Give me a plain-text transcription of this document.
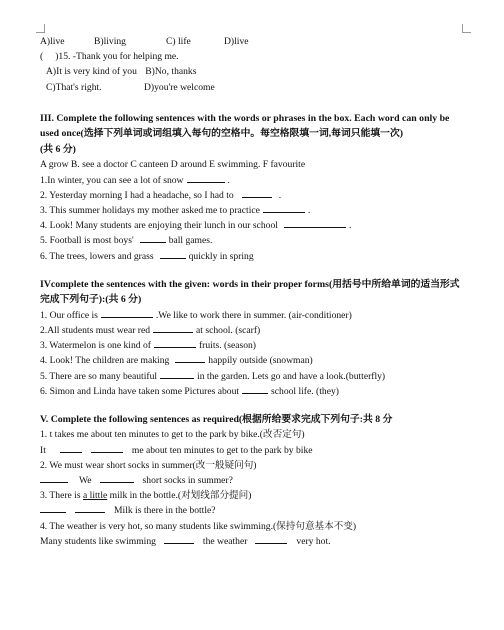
A)live	B)living	C) life	D)live
( )15. -Thank you for helping me.
A)It is very kind of you B)No, thanks
C)That's right.	D)you're welcome
III. Complete the following sentences with the words or phrases in the box. Each word can only be used once(选择下列单词或词组填入每句的空格中。每空格限填一词,每词只能填一次)
(共 6 分)
A grow B. see a doctor C canteen D around E swimming. F favourite
1.In winter, you can see a lot of snow	.
2. Yesterday morning I had a headache, so I had to	.
3. This summer holidays my mother asked me to practice	.
4. Look! Many students are enjoying their lunch in our school	.
5. Football is most boys'	ball games.
6. The trees, lowers and grass	quickly in spring
IVcomplete the sentences with the given: words in their proper forms(用括号中所给单词的适当形式完成下列句子):(共 6 分)
1. Our office is	.We like to work there in summer. (air-conditioner)
2.All students must wear red	at school. (scarf)
3. Watermelon is one kind of	fruits. (season)
4. Look! The children are making	happily outside (snowman)
5. There are so many beautiful	in the garden. Lets go and have a look.(butterfly)
6. Simon and Linda have taken some Pictures about	school life. (they)
V. Complete the following sentences as required(根据所给要求完成下列句子:共 8 分
1. t takes me about ten minutes to get to the park by bike.(改否定句)
It	me about ten minutes to get to the park by bike
2. We must wear short socks in summer(改一般疑问句)
We	short socks in summer?
3. There is a little milk in the bottle.(对划线部分提问)
Milk is there in the bottle?
4. The weather is very hot, so many students like swimming.(保持句意基本不变)
Many students like swimming	the weather	very hot.
